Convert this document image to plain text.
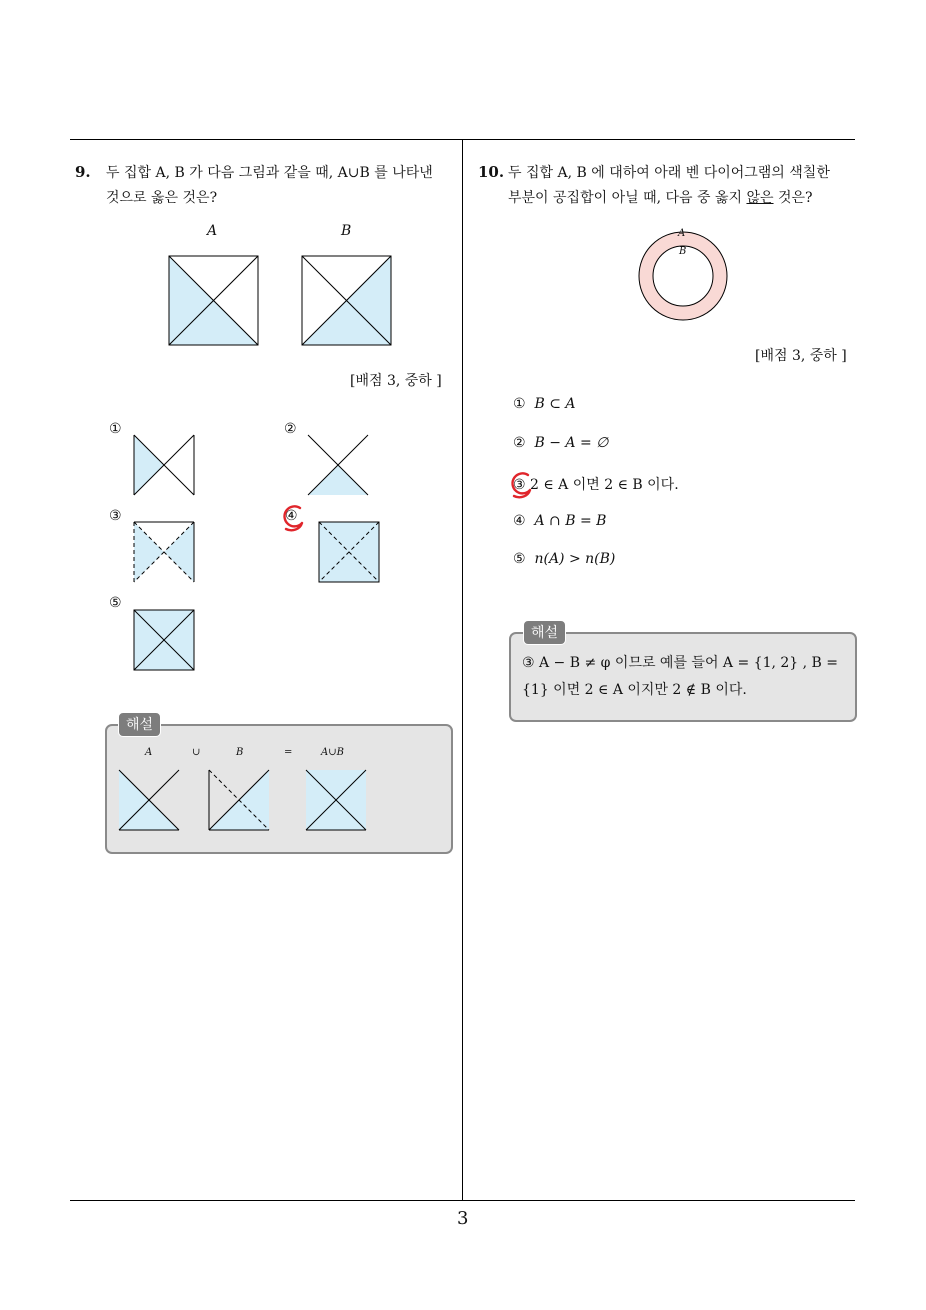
3
9. 두 집합 A, B 가 다음 그림과 같을 때, A∪B 를 나타낸
것으로 옳은 것은?
A	B
[배점 3, 중하 ]
①	②
③	④
⑤
해설
A	∪	B	=	A∪B
10. 두 집합 A, B 에 대하여 아래 벤 다이어그램의 색칠한
부분이 공집합이 아닐 때, 다음 중 옳지 않은 것은?
A
B
[배점 3, 중하 ]
① B ⊂ A
② B − A = ∅
③ 2 ∈ A 이면 2 ∈ B 이다.
④ A ∩ B = B
⑤ n(A) > n(B)
해설
③ A − B ≠ φ 이므로 예를 들어 A = {1, 2} , B =
{1} 이면 2 ∈ A 이지만 2 ∉ B 이다.
